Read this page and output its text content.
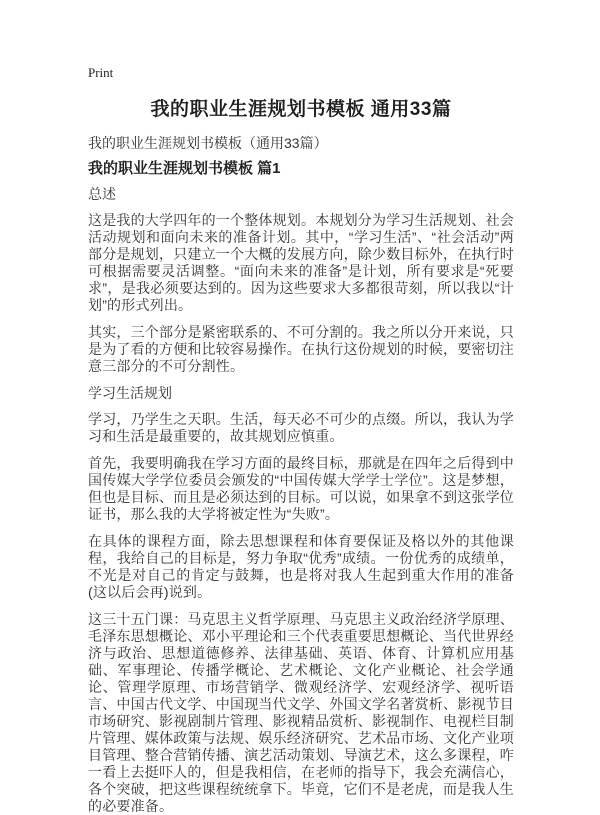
Print
我的职业生涯规划书模板 通用33篇
我的职业生涯规划书模板（通用33篇）
我的职业生涯规划书模板 篇1
总述

这是我的大学四年的一个整体规划。本规划分为学习生活规划、社会活动规划和面向未来的准备计划。其中，“学习生活”、“社会活动”两部分是规划，只建立一个大概的发展方向，除少数目标外，在执行时可根据需要灵活调整。“面向未来的准备”是计划，所有要求是“死要求”，是我必须要达到的。因为这些要求大多都很苛刻，所以我以“计划”的形式列出。

其实，三个部分是紧密联系的、不可分割的。我之所以分开来说，只是为了看的方便和比较容易操作。在执行这份规划的时候，要密切注意三部分的不可分割性。

学习生活规划

学习，乃学生之天职。生活，每天必不可少的点缀。所以，我认为学习和生活是最重要的，故其规划应慎重。

首先，我要明确我在学习方面的最终目标，那就是在四年之后得到中国传媒大学学位委员会颁发的“中国传媒大学学士学位”。这是梦想，但也是目标、而且是必须达到的目标。可以说，如果拿不到这张学位证书，那么我的大学将被定性为“失败”。

在具体的课程方面，除去思想课程和体育要保证及格以外的其他课程，我给自己的目标是，努力争取“优秀”成绩。一份优秀的成绩单，不光是对自己的肯定与鼓舞，也是将对我人生起到重大作用的准备(这以后会再)说到。

这三十五门课：马克思主义哲学原理、马克思主义政治经济学原理、毛泽东思想概论、邓小平理论和三个代表重要思想概论、当代世界经济与政治、思想道德修养、法律基础、英语、体育、计算机应用基础、军事理论、传播学概论、艺术概论、文化产业概论、社会学通论、管理学原理、市场营销学、微观经济学、宏观经济学、视听语言、中国古代文学、中国现当代文学、外国文学名著赏析、影视节目市场研究、影视剧制片管理、影视精品赏析、影视制作、电视栏目制片管理、媒体政策与法规、娱乐经济研究、艺术品市场、文化产业项目管理、整合营销传播、演艺活动策划、导演艺术，这么多课程，咋一看上去挺吓人的，但是我相信，在老师的指导下，我会充满信心，各个突破，把这些课程统统拿下。毕竟，它们不是老虎，而是我人生的必要准备。
